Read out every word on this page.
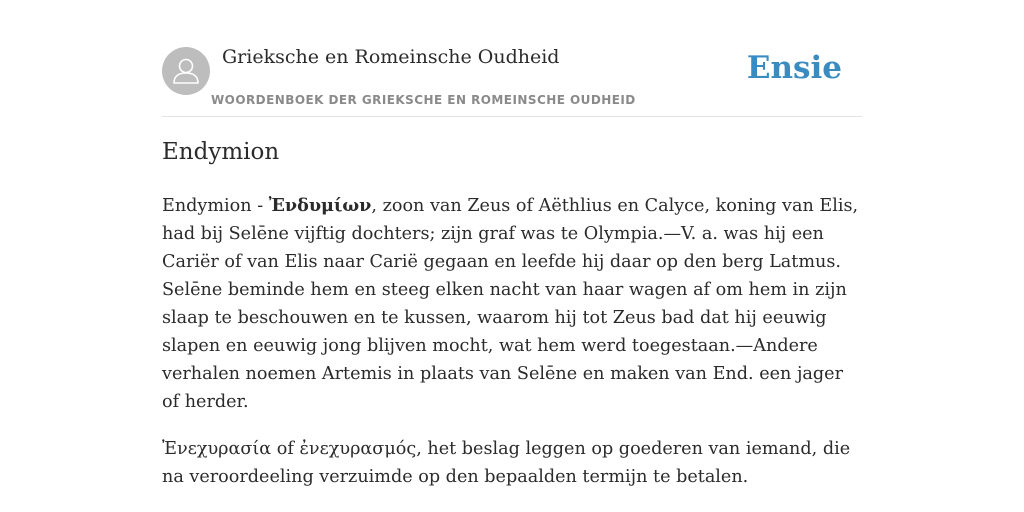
Grieksche en Romeinsche Oudheid
WOORDENBOEK DER GRIEKSCHE EN ROMEINSCHE OUDHEID
Ensie
Endymion

Endymion - Ἐνδυμίων, zoon van Zeus of Aëthlius en Calyce, koning van Elis, had bij Selēne vijftig dochters; zijn graf was te Olympia.—V. a. was hij een Cariër of van Elis naar Carië gegaan en leefde hij daar op den berg Latmus. Selēne beminde hem en steeg elken nacht van haar wagen af om hem in zijn slaap te beschouwen en te kussen, waarom hij tot Zeus bad dat hij eeuwig slapen en eeuwig jong blijven mocht, wat hem werd toegestaan.—Andere verhalen noemen Artemis in plaats van Selēne en maken van End. een jager of herder.

Ἐνεχυρασία of ἐνεχυρασμός, het beslag leggen op goederen van iemand, die na veroordeeling verzuimde op den bepaalden termijn te betalen.
